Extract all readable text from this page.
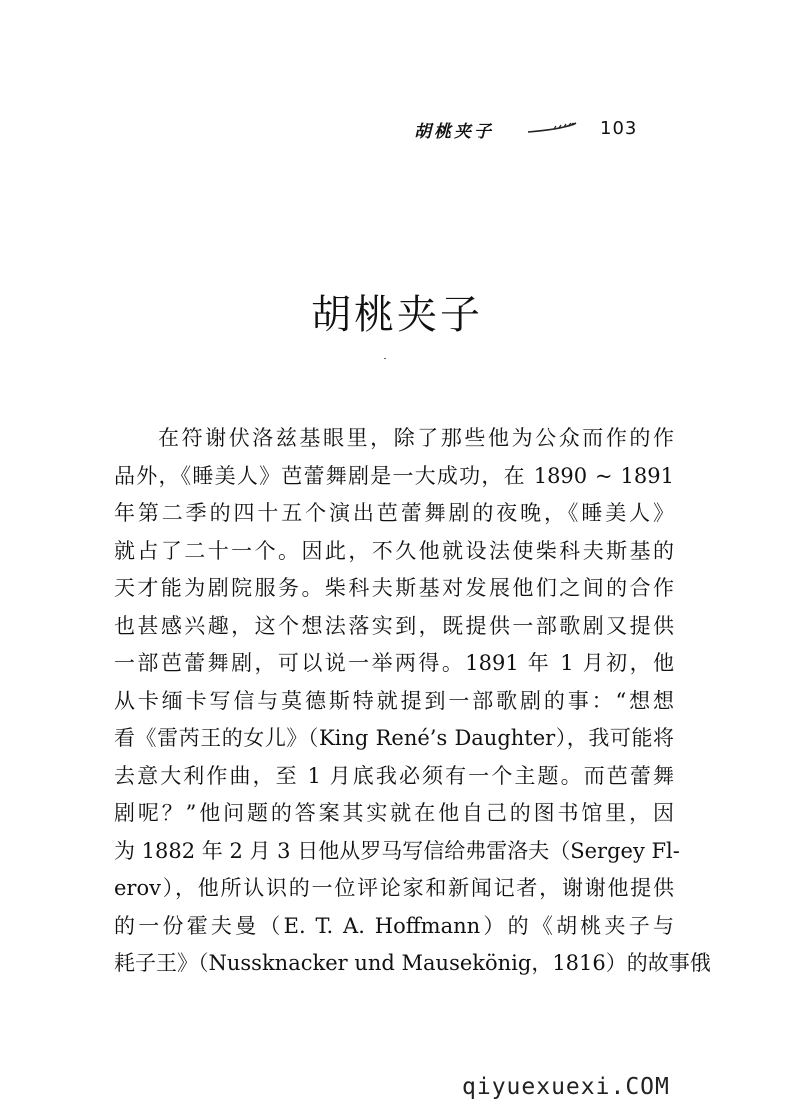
胡桃夹子	103
胡桃夹子
在符谢伏洛兹基眼里，除了那些他为公众而作的作
品外，《睡美人》芭蕾舞剧是一大成功，在 1890 ~ 1891
年第二季的四十五个演出芭蕾舞剧的夜晚，《睡美人》
就占了二十一个。因此，不久他就设法使柴科夫斯基的
天才能为剧院服务。柴科夫斯基对发展他们之间的合作
也甚感兴趣，这个想法落实到，既提供一部歌剧又提供
一部芭蕾舞剧，可以说一举两得。1891 年 1 月初，他
从卡缅卡写信与莫德斯特就提到一部歌剧的事：“想想
看《雷芮王的女儿》（King René’s Daughter），我可能将
去意大利作曲，至 1 月底我必须有一个主题。而芭蕾舞
剧呢？”他问题的答案其实就在他自己的图书馆里，因
为 1882 年 2 月 3 日他从罗马写信给弗雷洛夫（Sergey Fl-
erov），他所认识的一位评论家和新闻记者，谢谢他提供
的一份霍夫曼（E. T. A. Hoffmann）的《胡桃夹子与
耗子王》（Nussknacker und Mausekönig，1816）的故事俄
qiyuexuexi.COM
